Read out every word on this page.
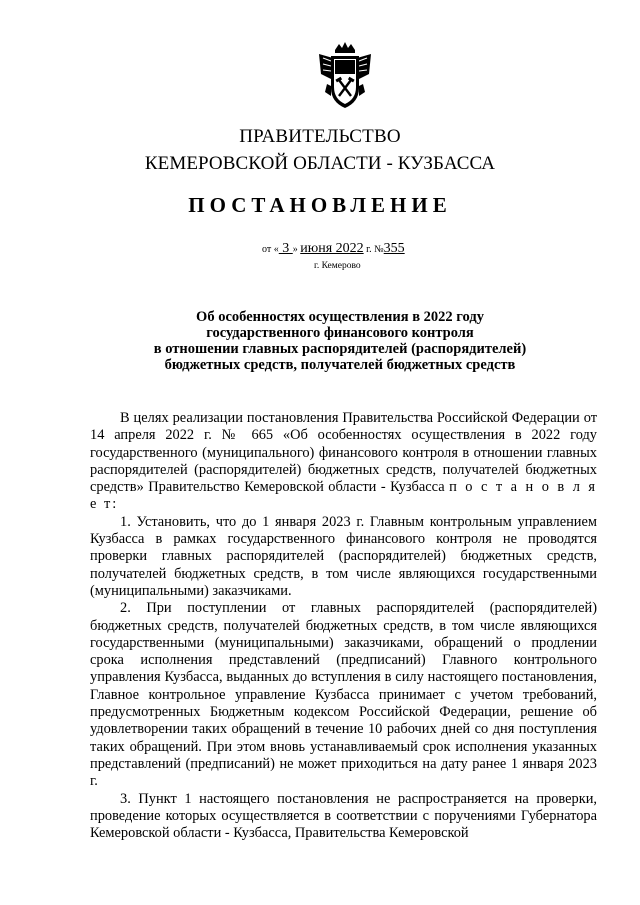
ПРАВИТЕЛЬСТВО
КЕМЕРОВСКОЙ ОБЛАСТИ - КУЗБАССА
ПОСТАНОВЛЕНИЕ
от « 3 » июня 2022 г. №355
г. Кемерово
Об особенностях осуществления в 2022 году
государственного финансового контроля
в отношении главных распорядителей (распорядителей)
бюджетных средств, получателей бюджетных средств

В целях реализации постановления Правительства Российской Федерации от 14 апреля 2022 г. № 665 «Об особенностях осуществления в 2022 году государственного (муниципального) финансового контроля в отношении главных распорядителей (распорядителей) бюджетных средств, получателей бюджетных средств» Правительство Кемеровской области - Кузбасса п о с т а н о в л я е т:

1. Установить, что до 1 января 2023 г. Главным контрольным управлением Кузбасса в рамках государственного финансового контроля не проводятся проверки главных распорядителей (распорядителей) бюджетных средств, получателей бюджетных средств, в том числе являющихся государственными (муниципальными) заказчиками.

2. При поступлении от главных распорядителей (распорядителей) бюджетных средств, получателей бюджетных средств, в том числе являющихся государственными (муниципальными) заказчиками, обращений о продлении срока исполнения представлений (предписаний) Главного контрольного управления Кузбасса, выданных до вступления в силу настоящего постановления, Главное контрольное управление Кузбасса принимает с учетом требований, предусмотренных Бюджетным кодексом Российской Федерации, решение об удовлетворении таких обращений в течение 10 рабочих дней со дня поступления таких обращений. При этом вновь устанавливаемый срок исполнения указанных представлений (предписаний) не может приходиться на дату ранее 1 января 2023 г.

3. Пункт 1 настоящего постановления не распространяется на проверки, проведение которых осуществляется в соответствии с поручениями Губернатора Кемеровской области - Кузбасса, Правительства Кемеровской
